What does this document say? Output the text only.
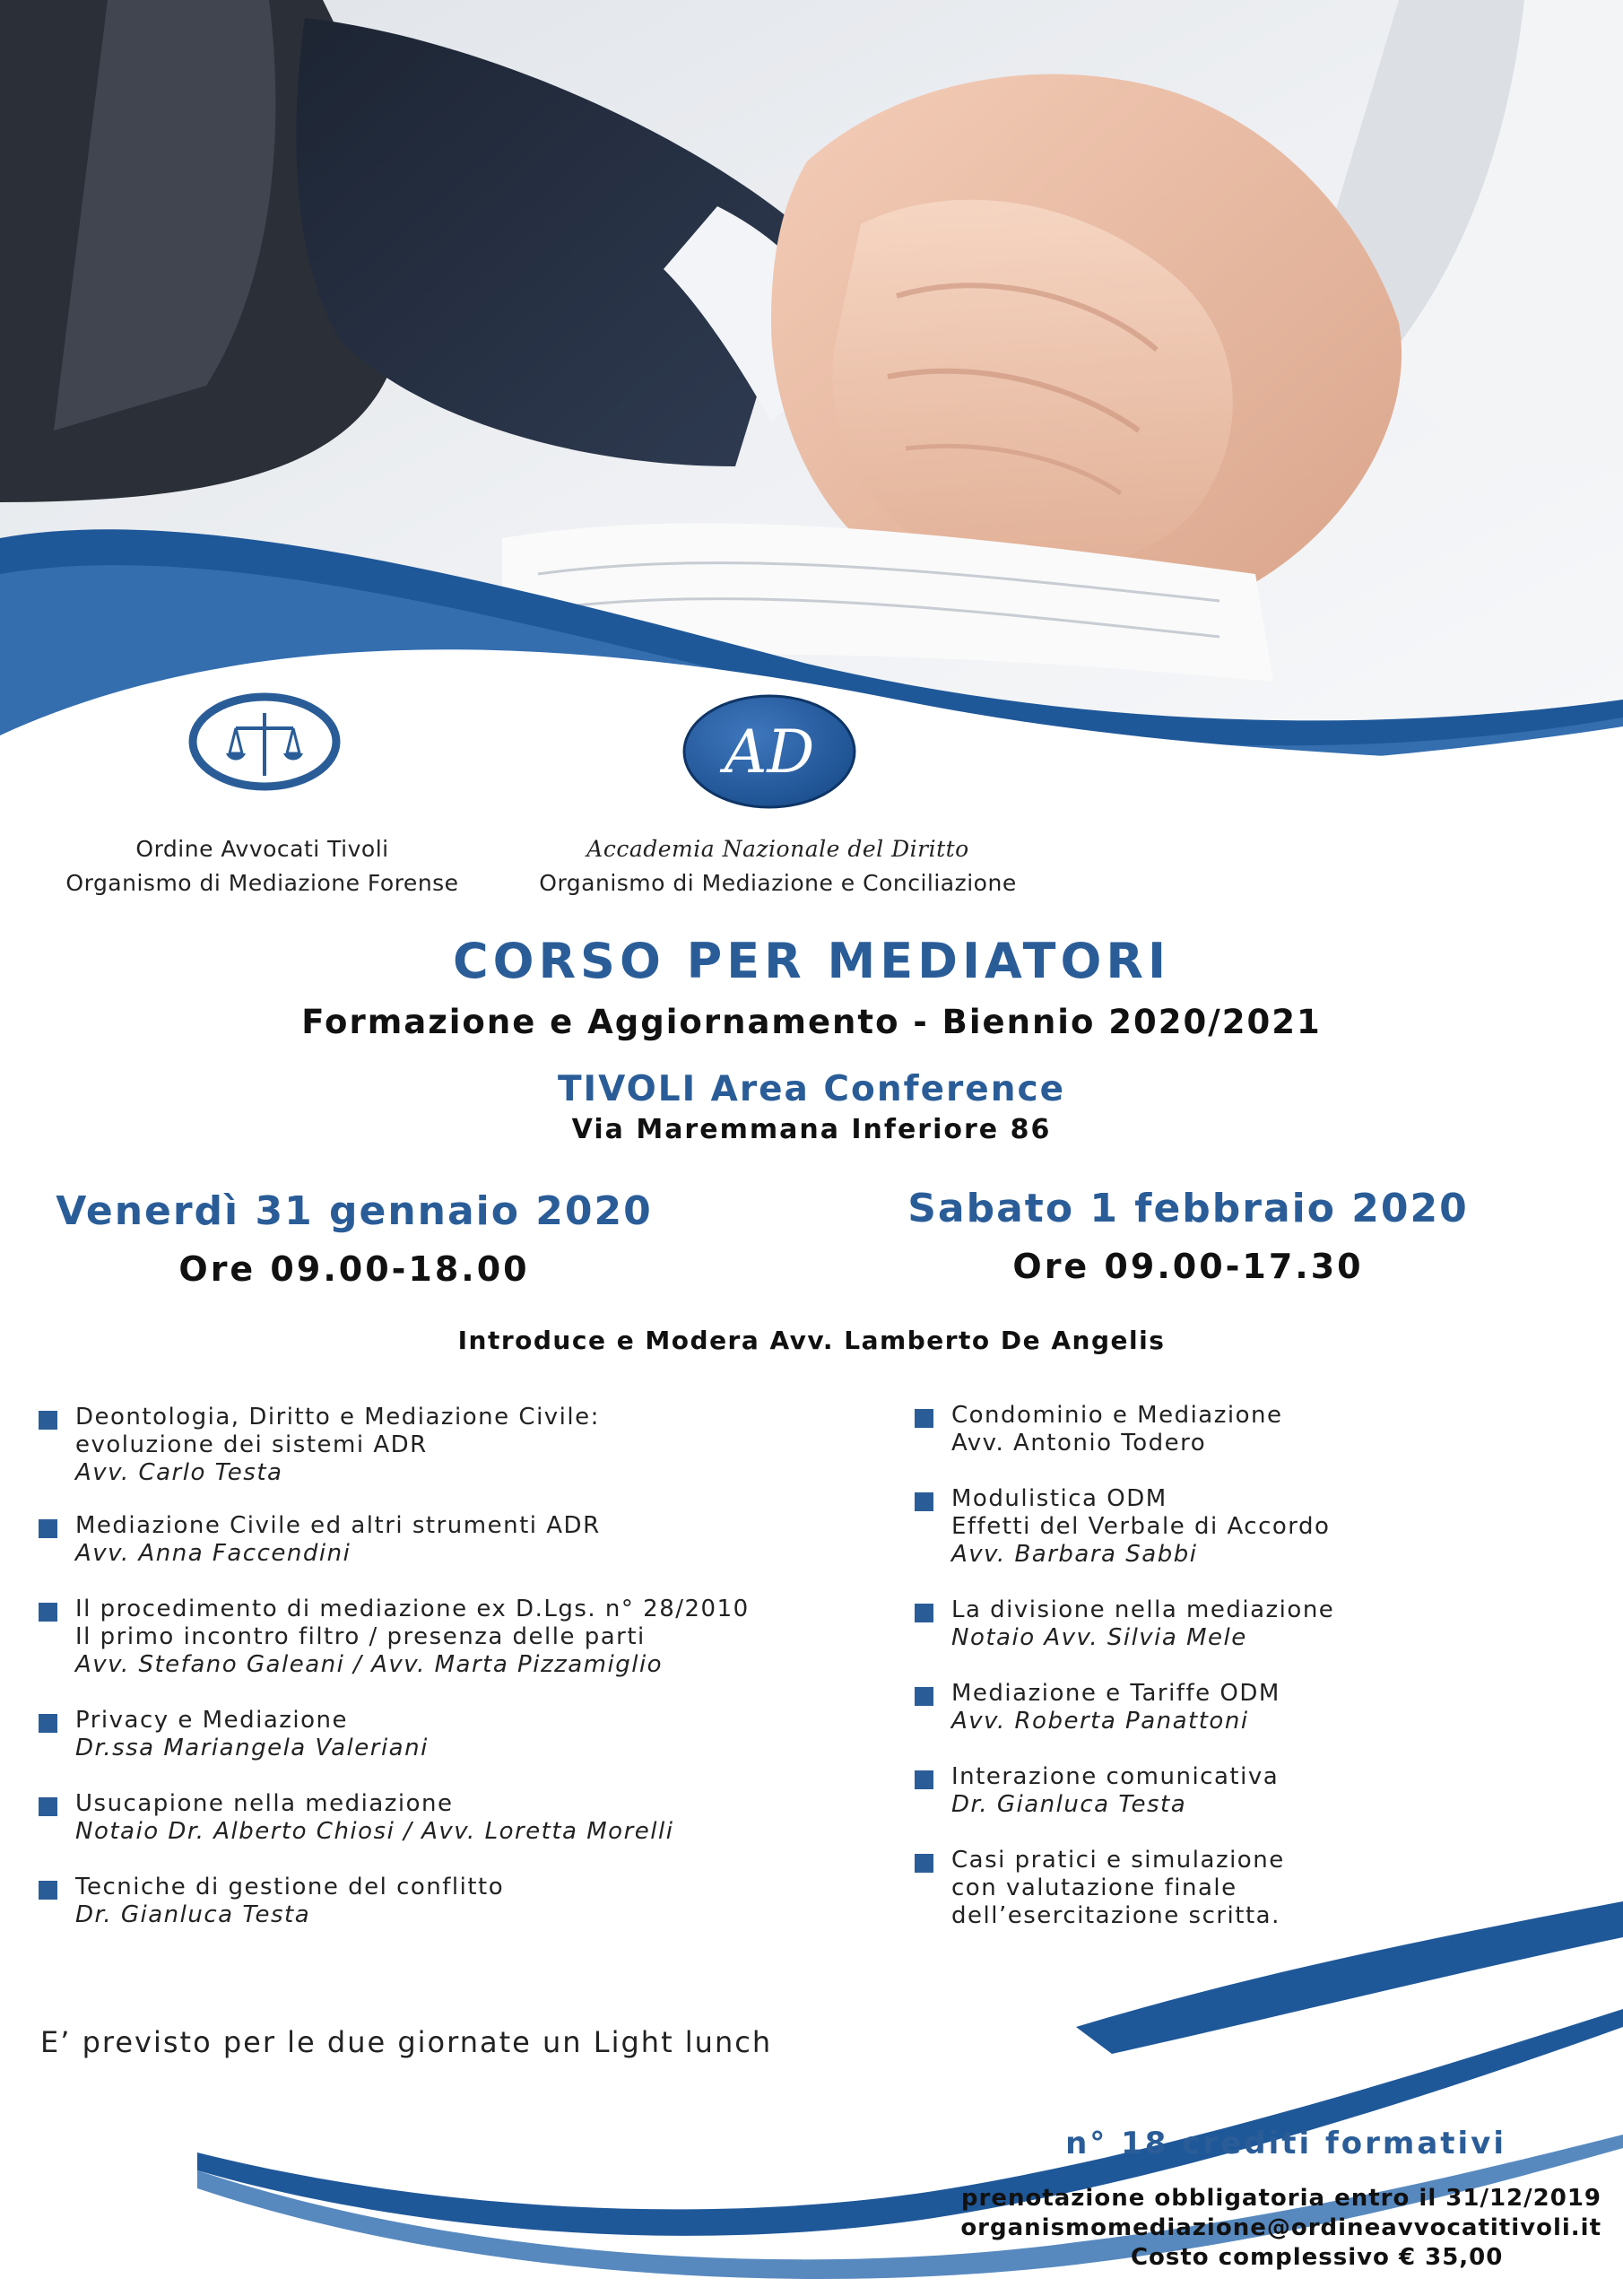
AD
Ordine Avvocati Tivoli
Organismo di Mediazione Forense
Accademia Nazionale del Diritto
Organismo di Mediazione e Conciliazione
CORSO PER MEDIATORI
Formazione e Aggiornamento - Biennio 2020/2021
TIVOLI Area Conference
Via Maremmana Inferiore 86
Venerdì 31 gennaio 2020
Ore 09.00-18.00
Sabato 1 febbraio 2020
Ore 09.00-17.30
Introduce e Modera Avv. Lamberto De Angelis
Deontologia, Diritto e Mediazione Civile:
evoluzione dei sistemi ADR
Avv. Carlo Testa
Mediazione Civile ed altri strumenti ADR
Avv. Anna Faccendini
Il procedimento di mediazione ex D.Lgs. n° 28/2010
Il primo incontro filtro / presenza delle parti
Avv. Stefano Galeani / Avv. Marta Pizzamiglio
Privacy e Mediazione
Dr.ssa Mariangela Valeriani
Usucapione nella mediazione
Notaio Dr. Alberto Chiosi / Avv. Loretta Morelli
Tecniche di gestione del conflitto
Dr. Gianluca Testa
Condominio e Mediazione
Avv. Antonio Todero
Modulistica ODM
Effetti del Verbale di Accordo
Avv. Barbara Sabbi
La divisione nella mediazione
Notaio Avv. Silvia Mele
Mediazione e Tariffe ODM
Avv. Roberta Panattoni
Interazione comunicativa
Dr. Gianluca Testa
Casi pratici e simulazione
con valutazione finale
dell’esercitazione scritta.
E’ previsto per le due giornate un Light lunch
n° 18 crediti formativi
prenotazione obbligatoria entro il 31/12/2019
organismomediazione@ordineavvocatitivoli.it
Costo complessivo € 35,00
